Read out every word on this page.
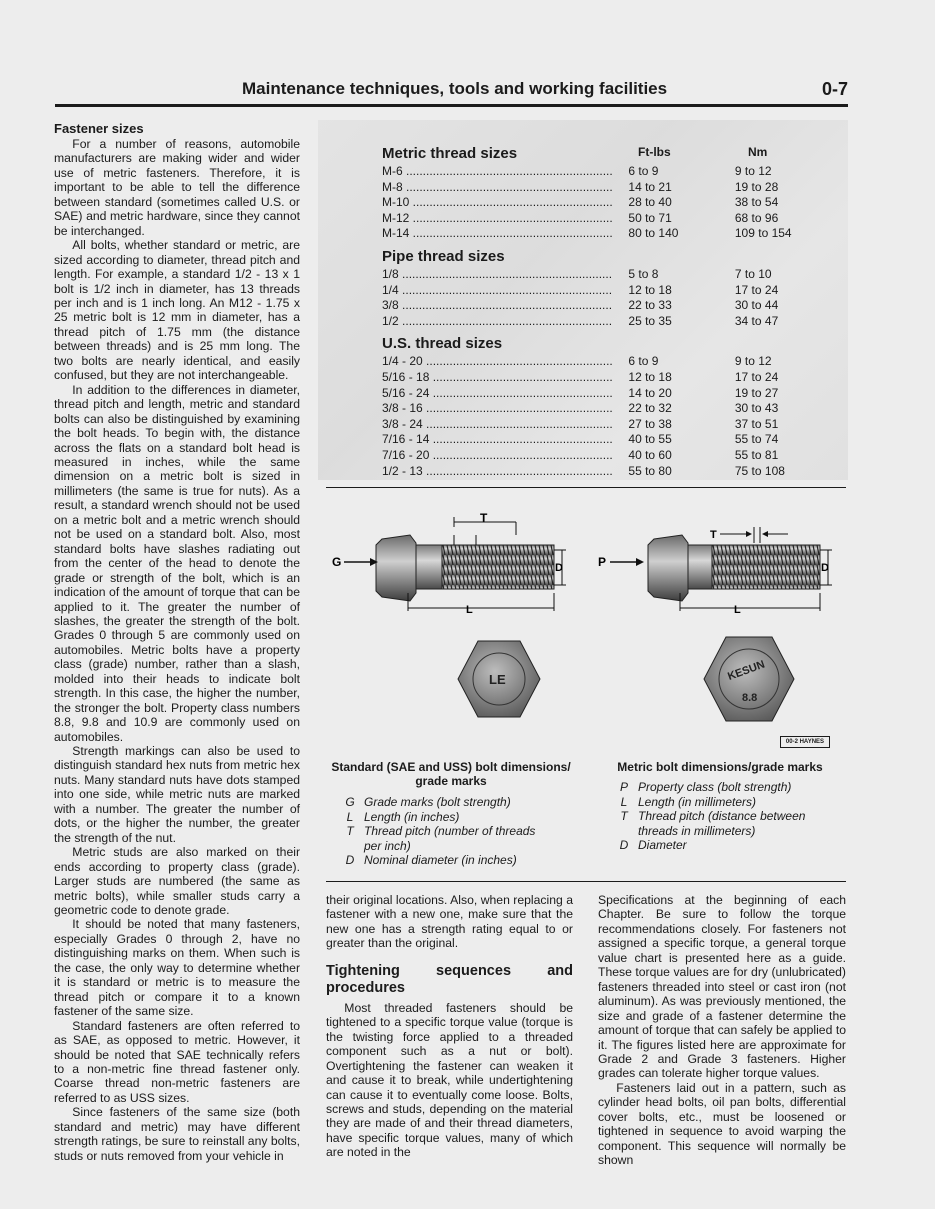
Maintenance techniques, tools and working facilities	0-7
Fastener sizes

For a number of reasons, automobile manufacturers are making wider and wider use of metric fasteners. Therefore, it is important to be able to tell the difference between standard (sometimes called U.S. or SAE) and metric hardware, since they cannot be interchanged.

All bolts, whether standard or metric, are sized according to diameter, thread pitch and length. For example, a standard 1/2 - 13 x 1 bolt is 1/2 inch in diameter, has 13 threads per inch and is 1 inch long. An M12 - 1.75 x 25 metric bolt is 12 mm in diameter, has a thread pitch of 1.75 mm (the distance between threads) and is 25 mm long. The two bolts are nearly identical, and easily confused, but they are not interchangeable.

In addition to the differences in diameter, thread pitch and length, metric and standard bolts can also be distinguished by examining the bolt heads. To begin with, the distance across the flats on a standard bolt head is measured in inches, while the same dimension on a metric bolt is sized in millimeters (the same is true for nuts). As a result, a standard wrench should not be used on a metric bolt and a metric wrench should not be used on a standard bolt. Also, most standard bolts have slashes radiating out from the center of the head to denote the grade or strength of the bolt, which is an indication of the amount of torque that can be applied to it. The greater the number of slashes, the greater the strength of the bolt. Grades 0 through 5 are commonly used on automobiles. Metric bolts have a property class (grade) number, rather than a slash, molded into their heads to indicate bolt strength. In this case, the higher the number, the stronger the bolt. Property class numbers 8.8, 9.8 and 10.9 are commonly used on automobiles.

Strength markings can also be used to distinguish standard hex nuts from metric hex nuts. Many standard nuts have dots stamped into one side, while metric nuts are marked with a number. The greater the number of dots, or the higher the number, the greater the strength of the nut.

Metric studs are also marked on their ends according to property class (grade). Larger studs are numbered (the same as metric bolts), while smaller studs carry a geometric code to denote grade.

It should be noted that many fasteners, especially Grades 0 through 2, have no distinguishing marks on them. When such is the case, the only way to determine whether it is standard or metric is to measure the thread pitch or compare it to a known fastener of the same size.

Standard fasteners are often referred to as SAE, as opposed to metric. However, it should be noted that SAE technically refers to a non-metric fine thread fastener only. Coarse thread non-metric fasteners are referred to as USS sizes.

Since fasteners of the same size (both standard and metric) may have different strength ratings, be sure to reinstall any bolts, studs or nuts removed from your vehicle in

Ft-lbs	Nm
Metric thread sizes
M-6 .....	6 to 9	9 to 12
M-8 .....	14 to 21	19 to 28
M-10 .....	28 to 40	38 to 54
M-12 .....	50 to 71	68 to 96
M-14 .....	80 to 140	109 to 154
Pipe thread sizes
1/8 .....	5 to 8	7 to 10
1/4 .....	12 to 18	17 to 24
3/8 .....	22 to 33	30 to 44
1/2 .....	25 to 35	34 to 47
U.S. thread sizes
1/4 - 20 .....	6 to 9	9 to 12
5/16 - 18 .....	12 to 18	17 to 24
5/16 - 24 .....	14 to 20	19 to 27
3/8 - 16 .....	22 to 32	30 to 43
3/8 - 24 .....	27 to 38	37 to 51
7/16 - 14 .....	40 to 55	55 to 74
7/16 - 20 .....	40 to 60	55 to 81
1/2 - 13 .....	55 to 80	75 to 108
T
D
L
G
LE
T
D
L
P
KESUN
8.8
00-2 HAYNES
Standard (SAE and USS) bolt dimensions/ grade marks
G Grade marks (bolt strength)
L Length (in inches)
T Thread pitch (number of threads per inch)
D Nominal diameter (in inches)
Metric bolt dimensions/grade marks
P Property class (bolt strength)
L Length (in millimeters)
T Thread pitch (distance between threads in millimeters)
D Diameter

their original locations. Also, when replacing a fastener with a new one, make sure that the new one has a strength rating equal to or greater than the original.

Tightening sequences and procedures

Most threaded fasteners should be tightened to a specific torque value (torque is the twisting force applied to a threaded component such as a nut or bolt). Overtightening the fastener can weaken it and cause it to break, while undertightening can cause it to eventually come loose. Bolts, screws and studs, depending on the material they are made of and their thread diameters, have specific torque values, many of which are noted in the

Specifications at the beginning of each Chapter. Be sure to follow the torque recommendations closely. For fasteners not assigned a specific torque, a general torque value chart is presented here as a guide. These torque values are for dry (unlubricated) fasteners threaded into steel or cast iron (not aluminum). As was previously mentioned, the size and grade of a fastener determine the amount of torque that can safely be applied to it. The figures listed here are approximate for Grade 2 and Grade 3 fasteners. Higher grades can tolerate higher torque values.

Fasteners laid out in a pattern, such as cylinder head bolts, oil pan bolts, differential cover bolts, etc., must be loosened or tightened in sequence to avoid warping the component. This sequence will normally be shown
